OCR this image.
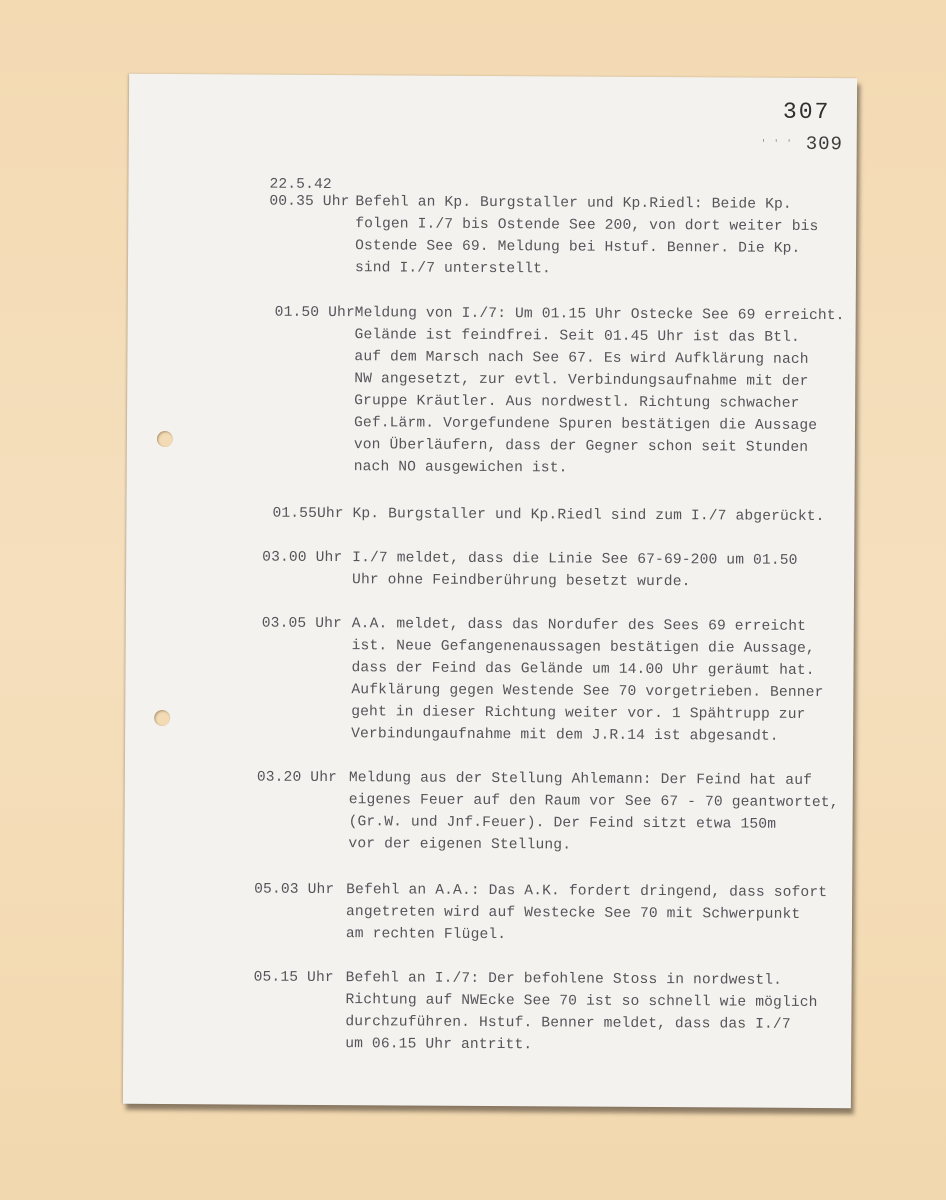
307
' ' ' 309
22.5.42
00.35 Uhr Befehl an Kp. Burgstaller und Kp.Riedl: Beide Kp.
folgen I./7 bis Ostende See 200, von dort weiter bis
Ostende See 69. Meldung bei Hstuf. Benner. Die Kp.
sind I./7 unterstellt.
01.50 Uhr Meldung von I./7: Um 01.15 Uhr Ostecke See 69 erreicht.
Gelände ist feindfrei. Seit 01.45 Uhr ist das Btl.
auf dem Marsch nach See 67. Es wird Aufklärung nach
NW angesetzt, zur evtl. Verbindungsaufnahme mit der
Gruppe Kräutler. Aus nordwestl. Richtung schwacher
Gef.Lärm. Vorgefundene Spuren bestätigen die Aussage
von Überläufern, dass der Gegner schon seit Stunden
nach NO ausgewichen ist.
01.55Uhr Kp. Burgstaller und Kp.Riedl sind zum I./7 abgerückt.
03.00 Uhr I./7 meldet, dass die Linie See 67-69-200 um 01.50
Uhr ohne Feindberührung besetzt wurde.
03.05 Uhr A.A. meldet, dass das Nordufer des Sees 69 erreicht
ist. Neue Gefangenenaussagen bestätigen die Aussage,
dass der Feind das Gelände um 14.00 Uhr geräumt hat.
Aufklärung gegen Westende See 70 vorgetrieben. Benner
geht in dieser Richtung weiter vor. 1 Spähtrupp zur
Verbindungaufnahme mit dem J.R.14 ist abgesandt.
03.20 Uhr Meldung aus der Stellung Ahlemann: Der Feind hat auf
eigenes Feuer auf den Raum vor See 67 - 70 geantwortet,
(Gr.W. und Jnf.Feuer). Der Feind sitzt etwa 150m
vor der eigenen Stellung.
05.03 Uhr Befehl an A.A.: Das A.K. fordert dringend, dass sofort
angetreten wird auf Westecke See 70 mit Schwerpunkt
am rechten Flügel.
05.15 Uhr Befehl an I./7: Der befohlene Stoss in nordwestl.
Richtung auf NWEcke See 70 ist so schnell wie möglich
durchzuführen. Hstuf. Benner meldet, dass das I./7
um 06.15 Uhr antritt.
